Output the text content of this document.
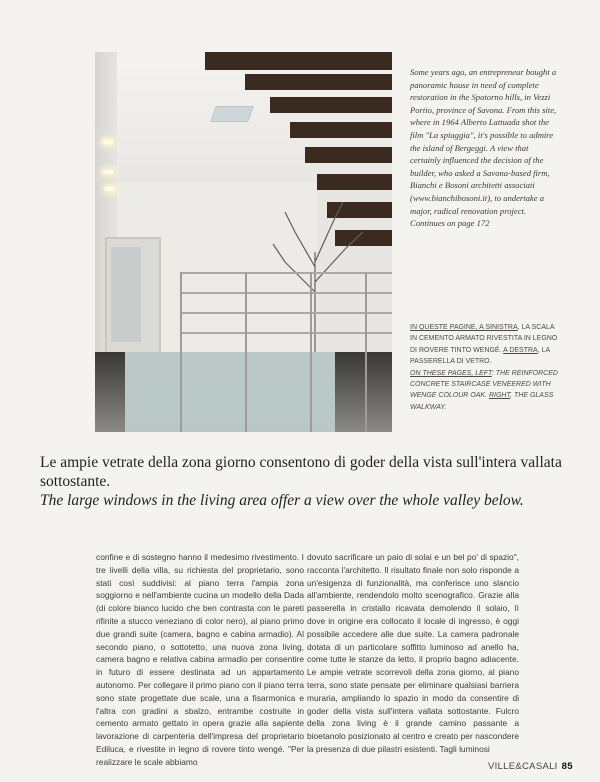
Some years ago, an entrepreneur bought a panoramic house in need of complete restoration in the Spotorno hills, in Vezzi Portio, province of Savona. From this site, where in 1964 Alberto Lattuada shot the film "La spiaggia", it's possible to admire the island of Bergeggi. A view that certainly influenced the decision of the builder, who asked a Savona-based firm, Bianchi e Bosoni architetti associati (www.bianchibosoni.it), to undertake a major, radical renovation project. Continues on page 172
IN QUESTE PAGINE, A SINISTRA, LA SCALA IN CEMENTO ARMATO RIVESTITA IN LEGNO DI ROVERE TINTO WENGÉ. A DESTRA, LA PASSERELLA DI VETRO.
ON THESE PAGES, LEFT: THE REINFORCED CONCRETE STAIRCASE VENEERED WITH WENGE COLOUR OAK. RIGHT, THE GLASS WALKWAY.
Le ampie vetrate della zona giorno consentono di goder della vista sull'intera vallata sottostante.
The large windows in the living area offer a view over the whole valley below.
confine e di sostegno hanno il medesimo rivestimento. I tre livelli della villa, su richiesta del proprietario, sono stati così suddivisi: al piano terra l'ampia zona soggiorno e nell'ambiente cucina un modello della Dada (di colore bianco lucido che ben contrasta con le pareti rifinite a stucco veneziano di color nero), al piano primo due grandi suite (camera, bagno e cabina armadio). Al secondo piano, o sottotetto, una nuova zona living, camera bagno e relativa cabina armadio per consentire in futuro di essere destinata ad un appartamento autonomo. Per collegare il primo piano con il piano terra sono state progettate due scale, una a fisarmonica e l'altra con gradini a sbalzo, entrambe costruite in cemento armato gettato in opera grazie alla sapiente lavorazione di carpenteria dell'impresa del proprietario Ediluca, e rivestite in legno di rovere tinto wengé. "Per realizzare le scale abbiamo
dovuto sacrificare un paio di solai e un bel po' di spazio", racconta l'architetto. Il risultato finale non solo risponde a un'esigenza di funzionalità, ma conferisce uno slancio all'ambiente, rendendolo molto scenografico. Grazie alla passerella in cristallo ricavata demolendo il solaio, lì dove in origine era collocato il locale di ingresso, è oggi possibile accedere alle due suite. La camera padronale dotata di un particolare soffitto luminoso ad anello ha, come tutte le stanze da letto, il proprio bagno adiacente. Le ampie vetrate scorrevoli della zona giorno, al piano terra, sono state pensate per eliminare qualsiasi barriera muraria, ampliando lo spazio in modo da consentire di goder della vista sull'intera vallata sottostante. Fulcro della zona living è il grande camino passante a bioetanolo posizionato al centro e creato per nascondere la presenza di due pilastri esistenti. Tagli luminosi
VILLE&CASALI 85
